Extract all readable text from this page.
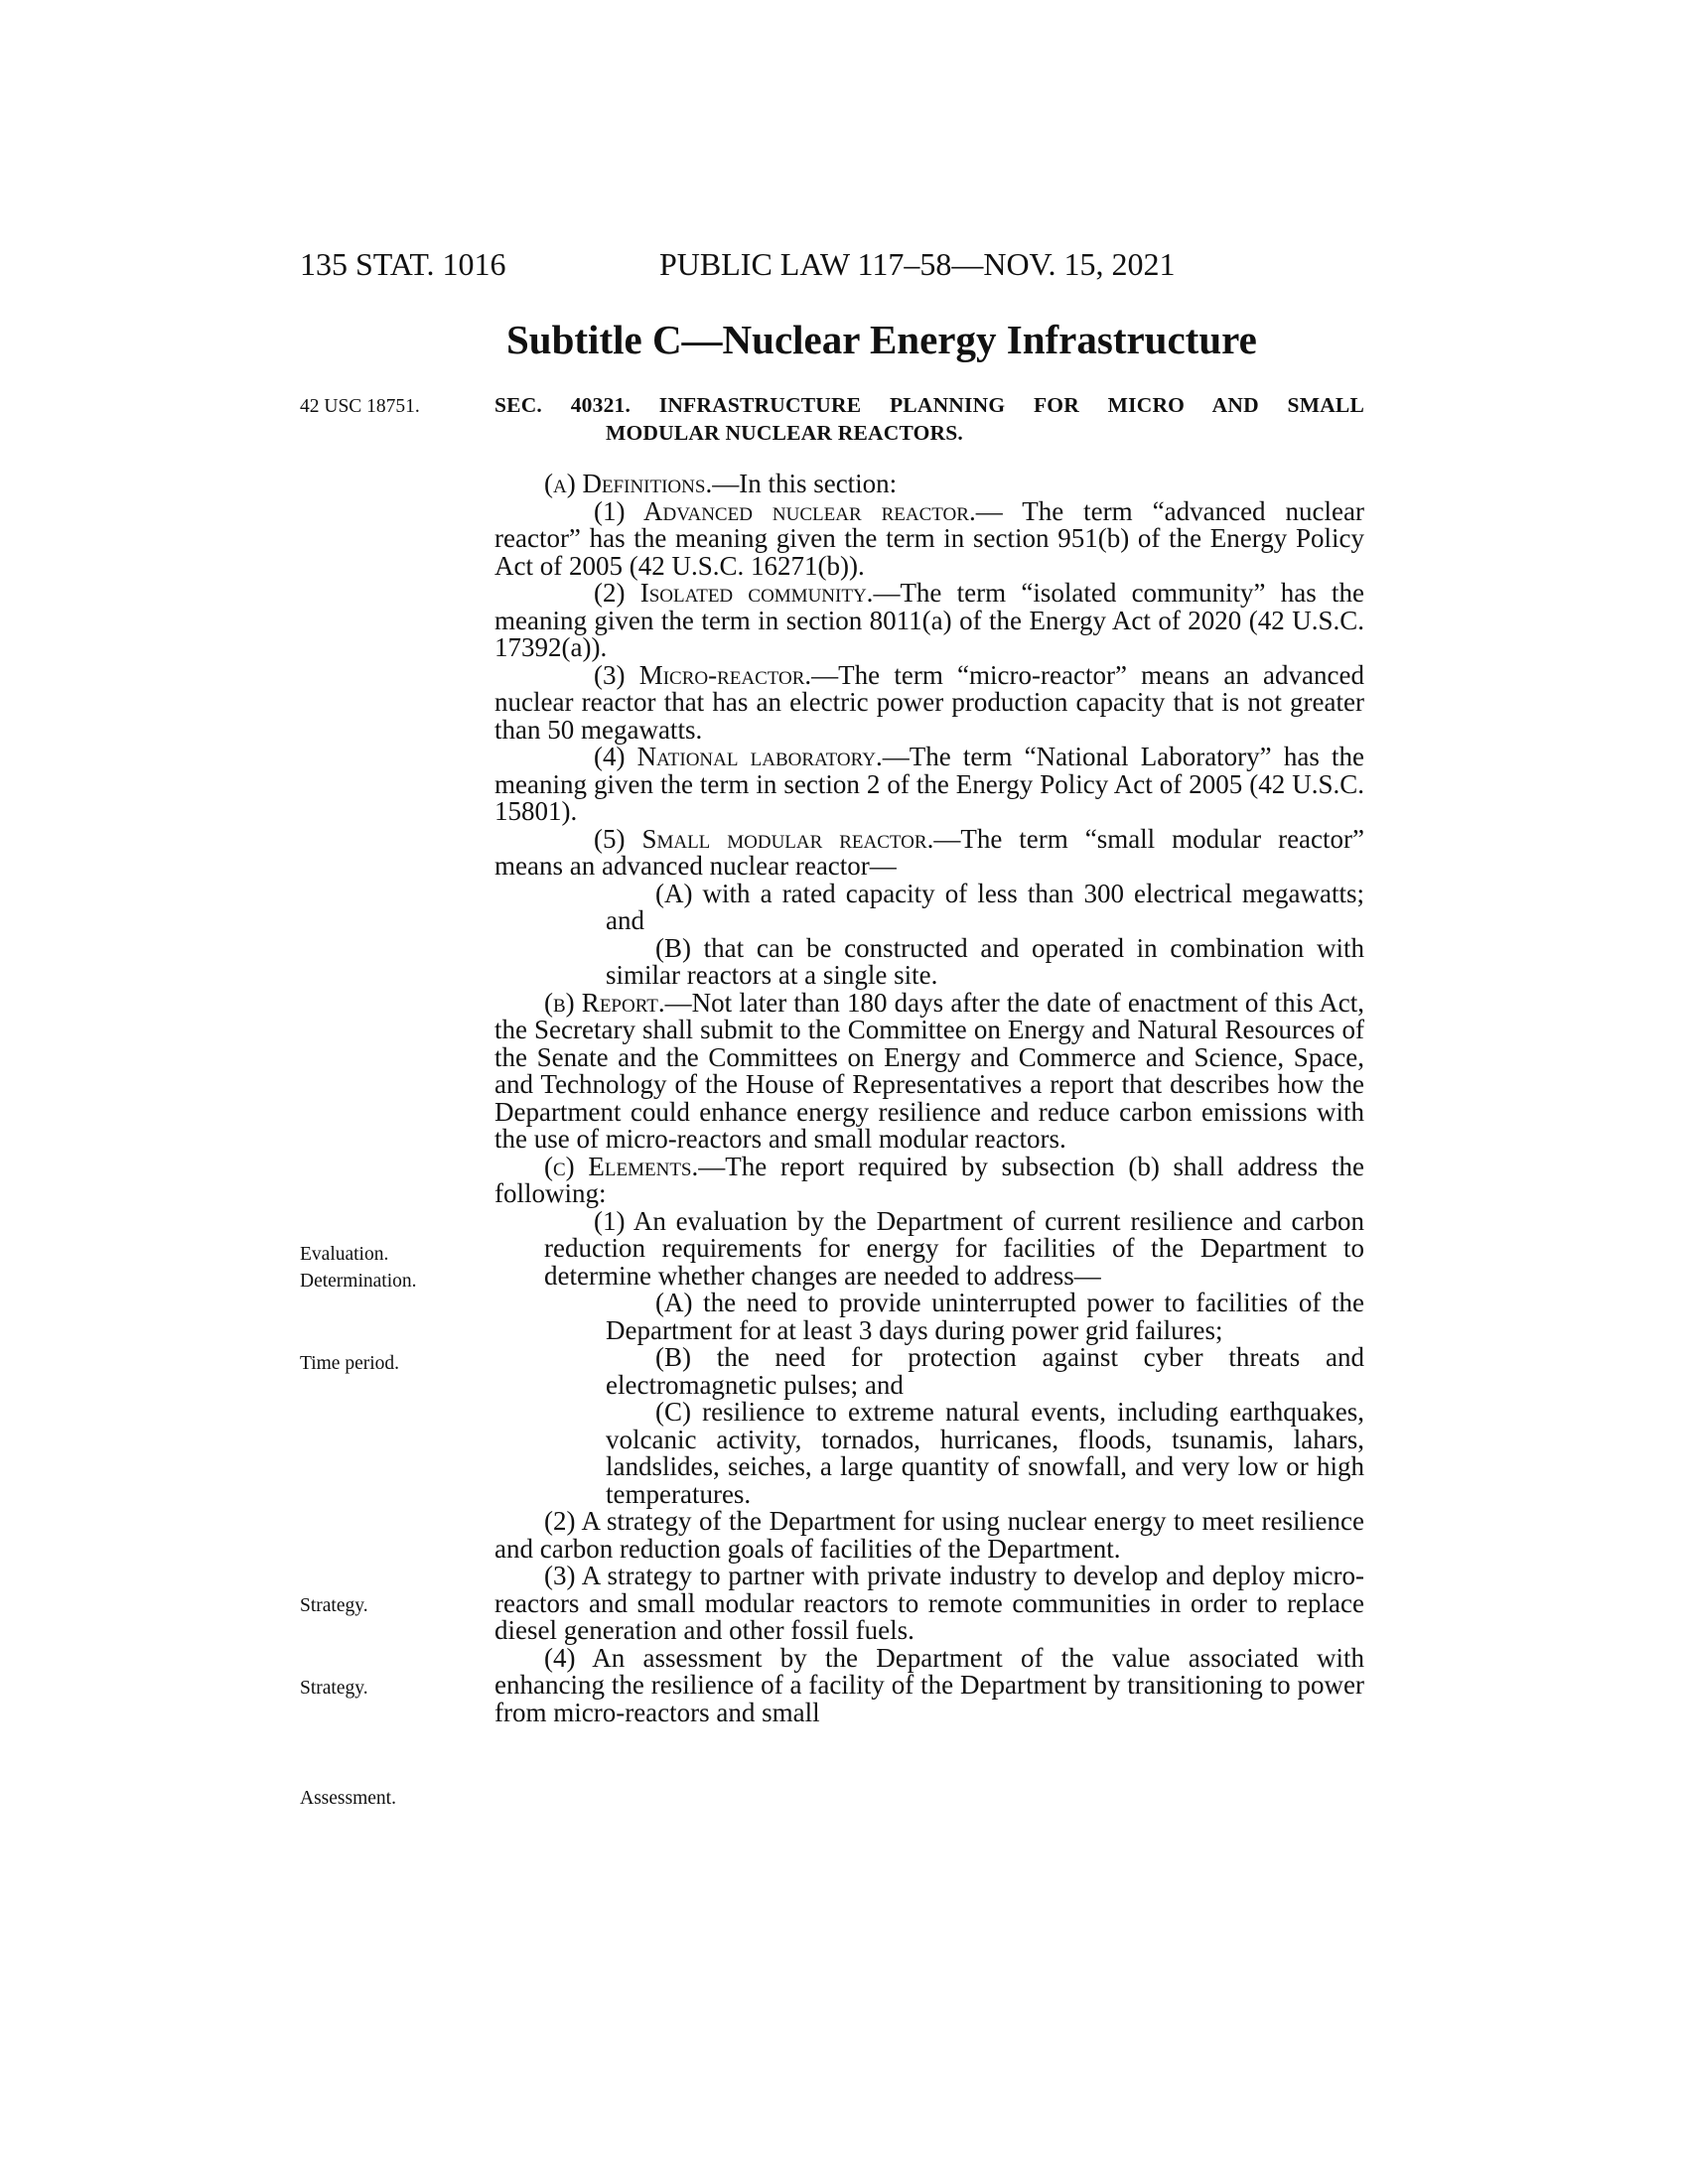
135 STAT. 1016	PUBLIC LAW 117–58—NOV. 15, 2021
Subtitle C—Nuclear Energy Infrastructure
42 USC 18751.
Evaluation.
Determination.
Time period.
Strategy.
Strategy.
Assessment.
SEC. 40321. INFRASTRUCTURE PLANNING FOR MICRO AND SMALL
MODULAR NUCLEAR REACTORS.

(a) Definitions.—In this section:

(1) Advanced nuclear reactor.— The term “advanced nuclear reactor” has the meaning given the term in section 951(b) of the Energy Policy Act of 2005 (42 U.S.C. 16271(b)).

(2) Isolated community.—The term “isolated community” has the meaning given the term in section 8011(a) of the Energy Act of 2020 (42 U.S.C. 17392(a)).

(3) Micro-reactor.—The term “micro-reactor” means an advanced nuclear reactor that has an electric power production capacity that is not greater than 50 megawatts.

(4) National laboratory.—The term “National Laboratory” has the meaning given the term in section 2 of the Energy Policy Act of 2005 (42 U.S.C. 15801).

(5) Small modular reactor.—The term “small modular reactor” means an advanced nuclear reactor—

(A) with a rated capacity of less than 300 electrical megawatts; and

(B) that can be constructed and operated in combination with similar reactors at a single site.

(b) Report.—Not later than 180 days after the date of enactment of this Act, the Secretary shall submit to the Committee on Energy and Natural Resources of the Senate and the Committees on Energy and Commerce and Science, Space, and Technology of the House of Representatives a report that describes how the Department could enhance energy resilience and reduce carbon emissions with the use of micro-reactors and small modular reactors.

(c) Elements.—The report required by subsection (b) shall address the following:

(1) An evaluation by the Department of current resilience and carbon reduction requirements for energy for facilities of the Department to determine whether changes are needed to address—

(A) the need to provide uninterrupted power to facilities of the Department for at least 3 days during power grid failures;

(B) the need for protection against cyber threats and electromagnetic pulses; and

(C) resilience to extreme natural events, including earthquakes, volcanic activity, tornados, hurricanes, floods, tsunamis, lahars, landslides, seiches, a large quantity of snowfall, and very low or high temperatures.

(2) A strategy of the Department for using nuclear energy to meet resilience and carbon reduction goals of facilities of the Department.

(3) A strategy to partner with private industry to develop and deploy micro-reactors and small modular reactors to remote communities in order to replace diesel generation and other fossil fuels.

(4) An assessment by the Department of the value associated with enhancing the resilience of a facility of the Department by transitioning to power from micro-reactors and small
